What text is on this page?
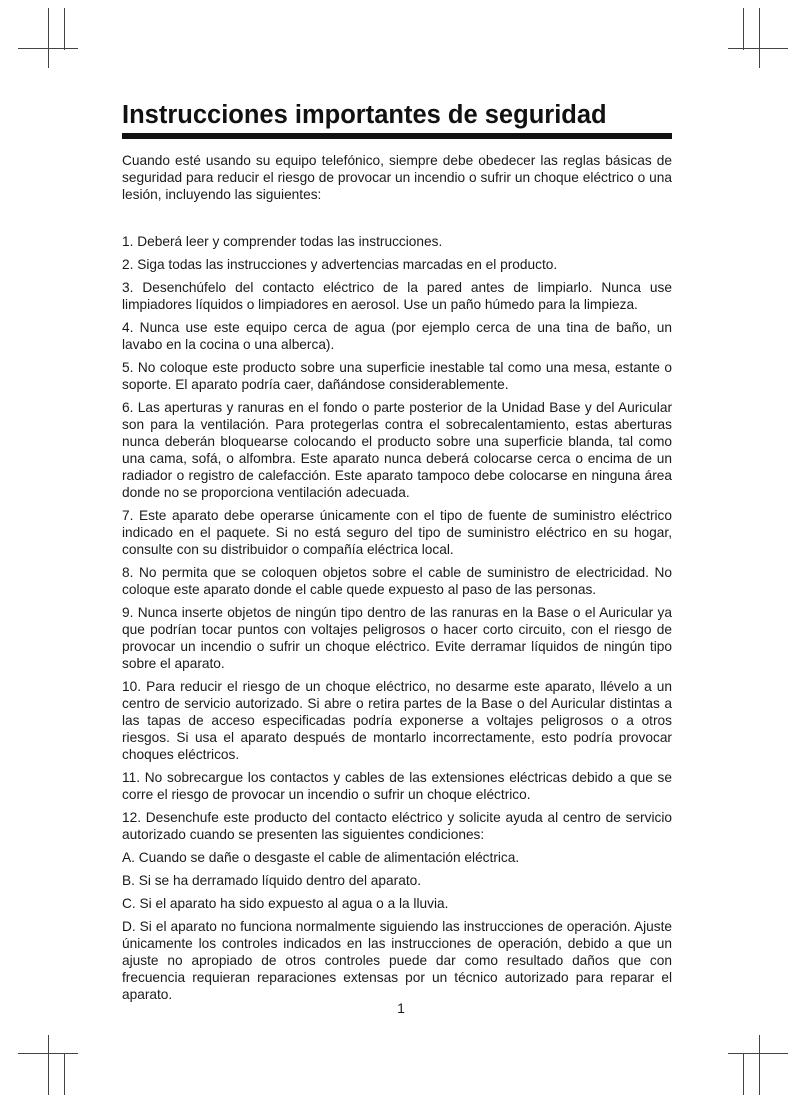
Instrucciones importantes de seguridad

Cuando esté usando su equipo telefónico, siempre debe obedecer las reglas básicas de seguridad para reducir el riesgo de provocar un incendio o sufrir un choque eléctrico o una lesión, incluyendo las siguientes:

1. Deberá leer y comprender todas las instrucciones.

2. Siga todas las instrucciones y advertencias marcadas en el producto.

3. Desenchúfelo del contacto eléctrico de la pared antes de limpiarlo. Nunca use limpiadores líquidos o limpiadores en aerosol. Use un paño húmedo para la limpieza.

4. Nunca use este equipo cerca de agua (por ejemplo cerca de una tina de baño, un lavabo en la cocina o una alberca).

5. No coloque este producto sobre una superficie inestable tal como una mesa, estante o soporte. El aparato podría caer, dañándose considerablemente.

6. Las aperturas y ranuras en el fondo o parte posterior de la Unidad Base y del Auricular son para la ventilación. Para protegerlas contra el sobrecalentamiento, estas aberturas nunca deberán bloquearse colocando el producto sobre una superficie blanda, tal como una cama, sofá, o alfombra. Este aparato nunca deberá colocarse cerca o encima de un radiador o registro de calefacción. Este aparato tampoco debe colocarse en ninguna área donde no se proporciona ventilación adecuada.

7. Este aparato debe operarse únicamente con el tipo de fuente de suministro eléctrico indicado en el paquete. Si no está seguro del tipo de suministro eléctrico en su hogar, consulte con su distribuidor o compañía eléctrica local.

8. No permita que se coloquen objetos sobre el cable de suministro de electricidad. No coloque este aparato donde el cable quede expuesto al paso de las personas.

9. Nunca inserte objetos de ningún tipo dentro de las ranuras en la Base o el Auricular ya que podrían tocar puntos con voltajes peligrosos o hacer corto circuito, con el riesgo de provocar un incendio o sufrir un choque eléctrico. Evite derramar líquidos de ningún tipo sobre el aparato.

10. Para reducir el riesgo de un choque eléctrico, no desarme este aparato, llévelo a un centro de servicio autorizado. Si abre o retira partes de la Base o del Auricular distintas a las tapas de acceso especificadas podría exponerse a voltajes peligrosos o a otros riesgos. Si usa el aparato después de montarlo incorrectamente, esto podría provocar choques eléctricos.

11. No sobrecargue los contactos y cables de las extensiones eléctricas debido a que se corre el riesgo de provocar un incendio o sufrir un choque eléctrico.

12. Desenchufe este producto del contacto eléctrico y solicite ayuda al centro de servicio autorizado cuando se presenten las siguientes condiciones:

A. Cuando se dañe o desgaste el cable de alimentación eléctrica.

B. Si se ha derramado líquido dentro del aparato.

C. Si el aparato ha sido expuesto al agua o a la lluvia.

D. Si el aparato no funciona normalmente siguiendo las instrucciones de operación. Ajuste únicamente los controles indicados en las instrucciones de operación, debido a que un ajuste no apropiado de otros controles puede dar como resultado daños que con frecuencia requieran reparaciones extensas por un técnico autorizado para reparar el aparato.

1
